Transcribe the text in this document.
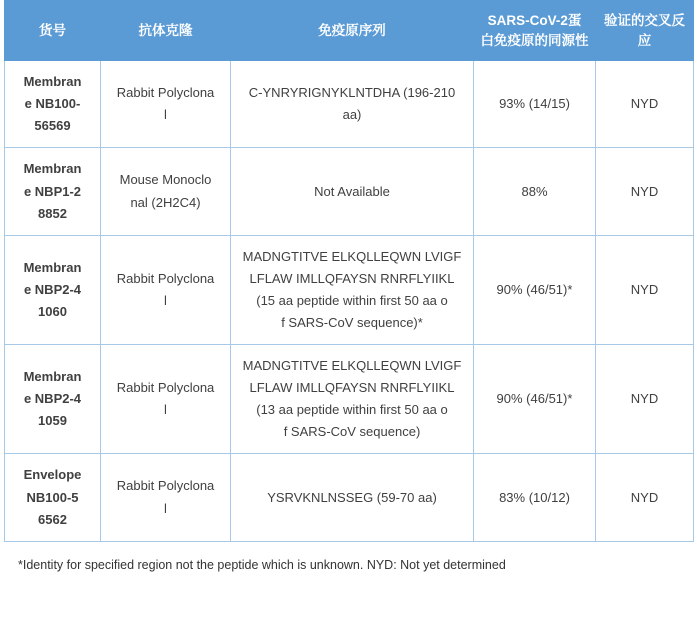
货号	抗体克隆	免疫原序列	SARS-CoV-2蛋
白免疫原的同源性	验证的交叉反
应

Membran
e NB100-
56569	Rabbit Polyclona
l	C-YNRYRIGNYKLNTDHA (196-210
aa)	93% (14/15)	NYD

Membran
e NBP1-2
8852	Mouse Monoclo
nal (2H2C4)	Not Available	88%	NYD

Membran
e NBP2-4
1060	Rabbit Polyclona
l	MADNGTITVE ELKQLLEQWN LVIGF
LFLAW IMLLQFAYSN RNRFLYIIKL
(15 aa peptide within first 50 aa o
f SARS-CoV sequence)*	90% (46/51)*	NYD

Membran
e NBP2-4
1059	Rabbit Polyclona
l	MADNGTITVE ELKQLLEQWN LVIGF
LFLAW IMLLQFAYSN RNRFLYIIKL
(13 aa peptide within first 50 aa o
f SARS-CoV sequence)	90% (46/51)*	NYD

Envelope
NB100-5
6562	Rabbit Polyclona
l	YSRVKNLNSSEG (59-70 aa)	83% (10/12)	NYD
*Identity for specified region not the peptide which is unknown. NYD: Not yet determined
